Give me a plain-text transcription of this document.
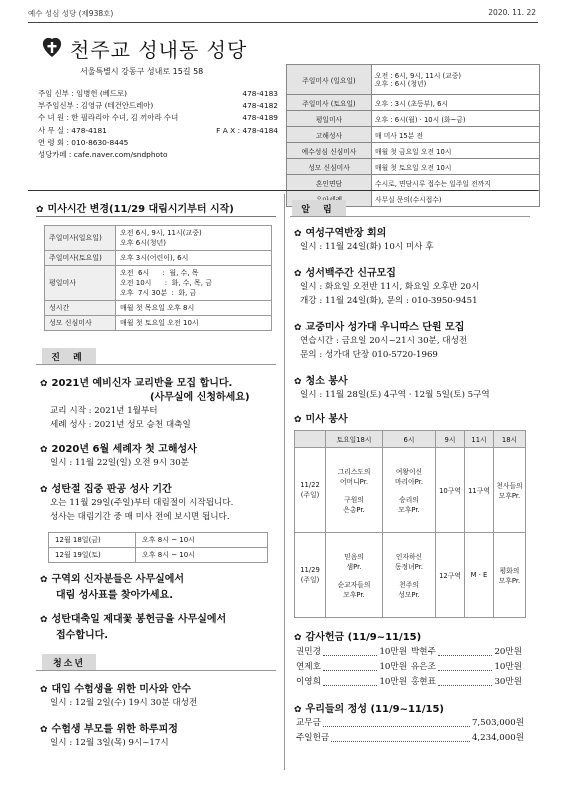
예수 성심 성당 (제938호)	2020. 11. 22
천주교 성내동 성당
서울특별시 강동구 성내로 15길 58
주임 신부 : 임병헌 (베드로)	478-4183
부주임신부 : 김영규 (테건안드레아)	478-4182
수 녀 원 : 한 필라리아 수녀, 김 끼아라 수녀	478-4189
사 무 실 : 478-4181	F A X : 478-4184
연 령 회 : 010-8630-8445
성당카페 : cafe.naver.com/sndphoto
주일미사 (일요일)	오전 : 6시, 9시, 11시 (교중)
오후 : 6시 (청년)

주일미사 (토요일)	오후 : 3시 (초등부), 6시
평일미사	오후 : 6시(월) · 10시 (화~금)
고해성사	매 미사 15분 전
예수성심 신심미사	매월 첫 금요일 오전 10시
성모 신심미사	매월 첫 토요일 오전 10시
혼인면담	수시로, 면담시루 접수는 일주일 전까지
	사무실 문의(수시접수)
✿ 미사시간 변경(11/29 대림시기부터 시작)
주일미사(일요일)	오전 6시, 9시, 11시(교중)
오후 6시(청년)

주일미사(토요일)	오후 3시(어린이), 6시
평일미사	오전  6시      :  월, 수, 목
오전 10시      :  화, 수, 목, 금
오후  7시 30분  :  화, 금

성시간	매월 첫 목요일 오후 8시
성모 신심미사	매월 첫 토요일 오전 10시
진 례
✿ 2021년 예비신자 교리반을 모집 합니다.
(사무실에 신청하세요)
교리 시작 : 2021년 1월부터
세례 성사 : 2021년 성모 승천 대축일
✿ 2020년 6월 세례자 첫 고해성사
일시 : 11월 22일(일) 오전 9시 30분
✿ 성탄절 집중 판공 성사 기간
오는 11월 29일(주일)부터 대림절이 시작됩니다.
성사는 대림기간 중 매 미사 전에 보시면 됩니다.
12월 18일(금)	오후 8시 ~ 10시
12월 19일(토)	오후 8시 ~ 10시
✿ 구역외 신자분들은 사무실에서
대림 성사표를 찾아가세요.
✿ 성탄대축일 제대꽃 봉헌금을 사무실에서
접수합니다.
청소년
✿ 대입 수험생을 위한 미사와 안수
일시 : 12월 2일(수) 19시 30분 대성전
✿ 수험생 부모를 위한 하루피정
일시 : 12월 3일(목) 9시~17시
알 림
✿ 여성구역반장 회의
일시 : 11월 24일(화) 10시 미사 후
✿ 성서백주간 신규모집
일시 : 화요일 오전반 11시, 화요일 오후반 20시
개강 : 11월 24일(화), 문의 : 010-3950-9451
✿ 교중미사 성가대 우니따스 단원 모집
연습시간 : 금요일 20시~21시 30분, 대성전
문의 : 성가대 단장 010-5720-1969
✿ 청소 봉사
일시 : 11월 28일(토) 4구역 · 12월 5일(토) 5구역
✿ 미사 봉사
	토요일18시	6시	9시	11시	18시
11/22
(주일)	그리스도의
어머니Pr.

구원의
은총Pr.	여왕이신
마리아Pr.

승리의
모후Pr.	10구역	11구역	천사들의
모후Pr.
11/29
(주일)	믿음의
샘Pr.

순교자들의
모후Pr.	인자하신
동정녀Pr.

천주의
성모Pr.	12구역	M · E	평화의
모후Pr.
✿ 감사헌금 (11/9~11/15)
권민경	10만원 박현주	20만원
연제호	10만원 유은조	10만원
이영희	10만원 홍현표	30만원
✿ 우리들의 정성 (11/9~11/15)
교무금	7,503,000원
주일헌금	4,234,000원
